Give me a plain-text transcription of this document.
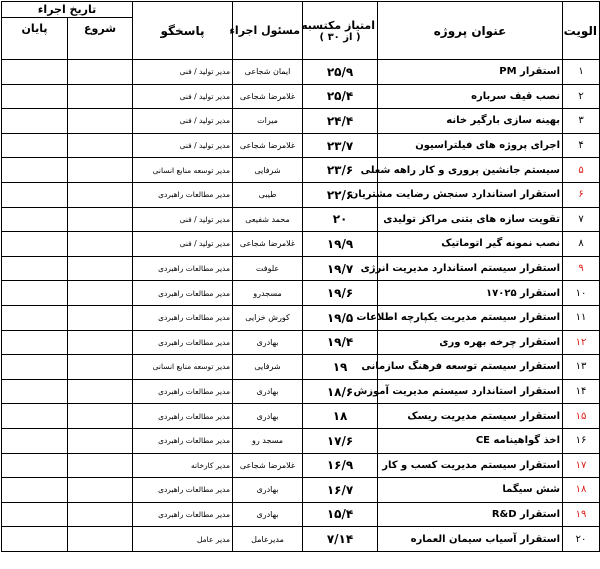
الویت	عنوان پروژه	امتیاز مکتسبه
( از ۳۰ )	مسئول اجراء	پاسخگو	تاریخ اجراء	
					شروع	پایان
۱	استقرار PM	۲۵/۹	ایمان شجاعی	مدیر تولید / فنی		
۲	نصب قیف سرباره	۲۵/۴	غلامرضا شجاعی	مدیر تولید / فنی		
۳	بهینه سازی بارگیر خانه	۲۴/۴	میرات	مدیر تولید / فنی		
۴	اجرای پروژه های فیلتراسیون	۲۳/۷	غلامرضا شجاعی	مدیر تولید / فنی		
۵	سیستم جانشین پروری و کار راهه شغلی	۲۳/۶	شرفایی	مدیر توسعه منابع انسانی		
۶	استقرار استاندارد سنجش رضایت مشتریان	۲۲/۶	طیبی	مدیر مطالعات راهبردی		
۷	تقویت سازه های بتنی مراکز تولیدی	۲۰	محمد شفیعی	مدیر تولید / فنی		
۸	نصب نمونه گیر اتوماتیک	۱۹/۹	غلامرضا شجاعی	مدیر تولید / فنی		
۹	استقرار سیستم استاندارد مدیریت انرژی	۱۹/۷	علوفت	مدیر مطالعات راهبردی		
۱۰	استقرار ۱۷۰۲۵	۱۹/۶	مسجدرو	مدیر مطالعات راهبردی		
۱۱	استقرار سیستم مدیریت یکپارچه اطلاعات	۱۹/۵	کورش خزایی	مدیر مطالعات راهبردی		
۱۲	استقرار چرخه بهره وری	۱۹/۴	بهادری	مدیر مطالعات راهبردی		
۱۳	استقرار سیستم توسعه فرهنگ سازمانی	۱۹	شرفایی	مدیر توسعه منابع انسانی		
۱۴	استقرار استاندارد سیستم مدیریت آموزش	۱۸/۶	بهادری	مدیر مطالعات راهبردی		
۱۵	استقرار سیستم مدیریت ریسک	۱۸	بهادری	مدیر مطالعات راهبردی		
۱۶	اخذ گواهینامه CE	۱۷/۶	مسجد رو	مدیر مطالعات راهبردی		
۱۷	استقرار سیستم مدیریت کسب و کار	۱۶/۹	غلامرضا شجاعی	مدیر کارخانه		
۱۸	شش سیگما	۱۶/۷	بهادری	مدیر مطالعات راهبردی		
۱۹	استقرار R&D	۱۵/۴	بهادری	مدیر مطالعات راهبردی		
۲۰	استقرار آسیاب سیمان العماره	۷/۱۴	مدیرعامل	مدیر عامل		
